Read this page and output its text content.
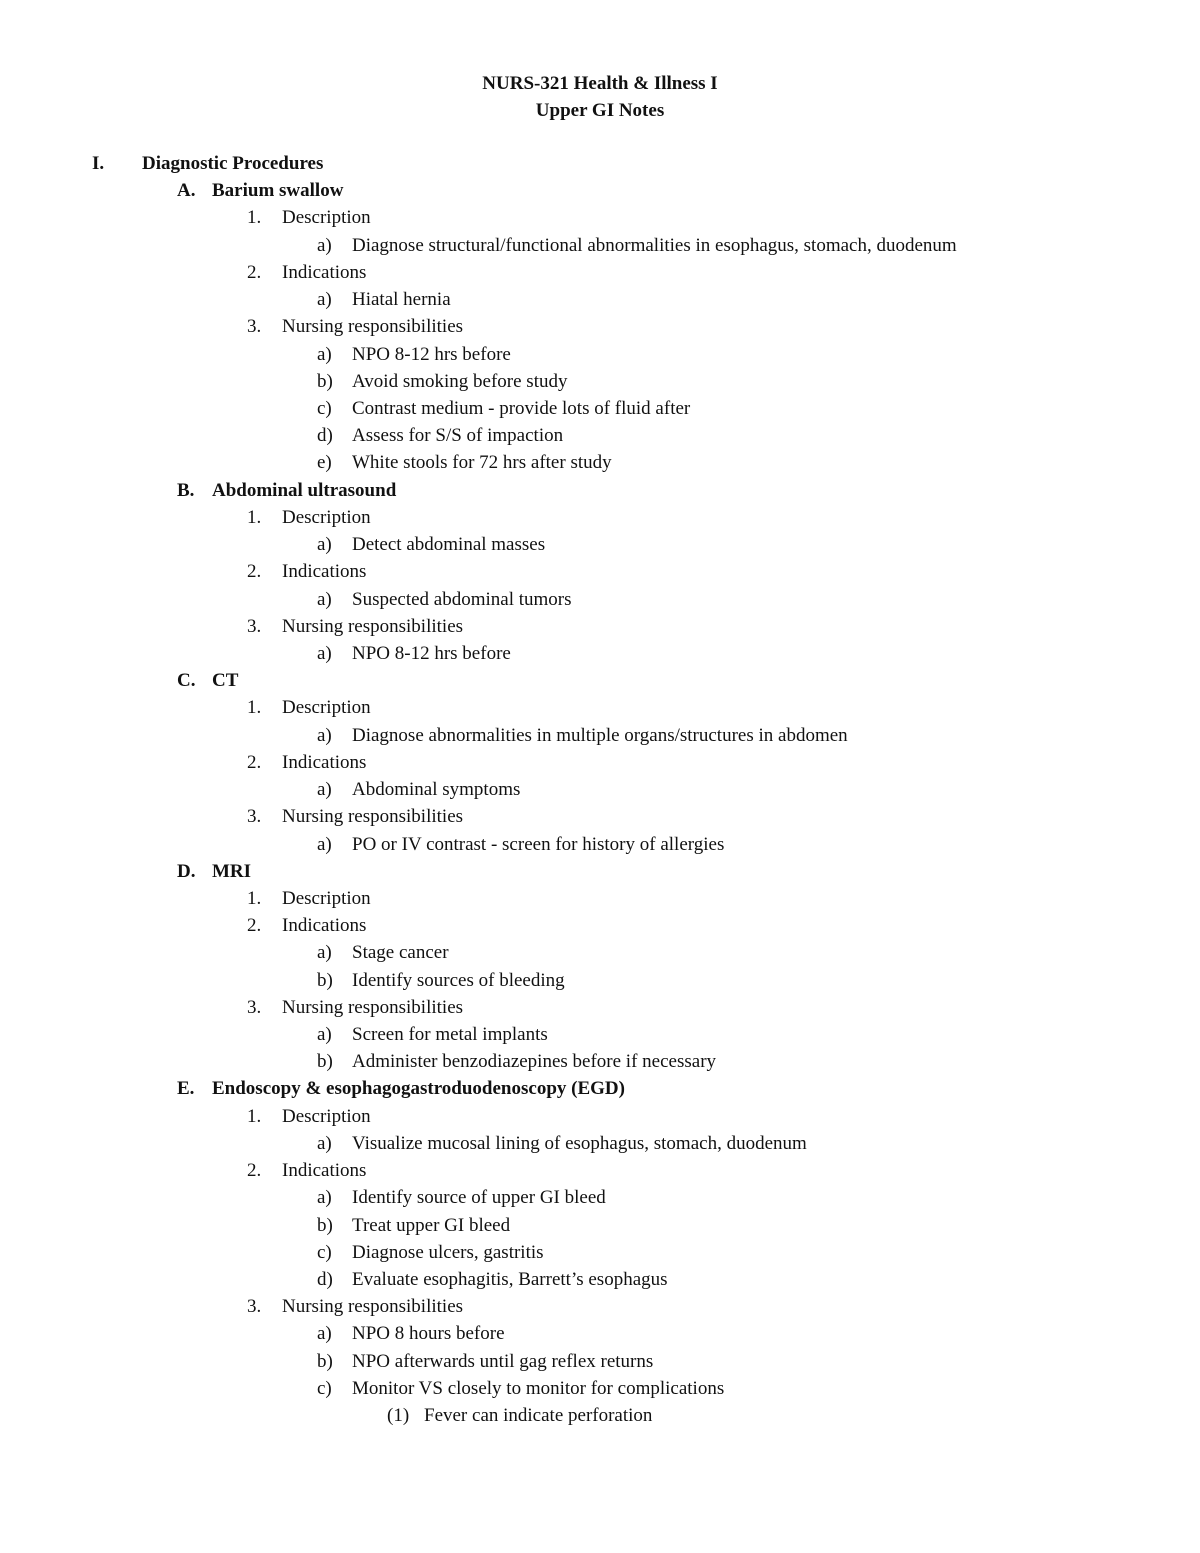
NURS-321 Health & Illness I
Upper GI Notes
I. Diagnostic Procedures
A. Barium swallow
1. Description
a) Diagnose structural/functional abnormalities in esophagus, stomach, duodenum
2. Indications
a) Hiatal hernia
3. Nursing responsibilities
a) NPO 8-12 hrs before
b) Avoid smoking before study
c) Contrast medium - provide lots of fluid after
d) Assess for S/S of impaction
e) White stools for 72 hrs after study
B. Abdominal ultrasound
1. Description
a) Detect abdominal masses
2. Indications
a) Suspected abdominal tumors
3. Nursing responsibilities
a) NPO 8-12 hrs before
C. CT
1. Description
a) Diagnose abnormalities in multiple organs/structures in abdomen
2. Indications
a) Abdominal symptoms
3. Nursing responsibilities
a) PO or IV contrast - screen for history of allergies
D. MRI
1. Description
2. Indications
a) Stage cancer
b) Identify sources of bleeding
3. Nursing responsibilities
a) Screen for metal implants
b) Administer benzodiazepines before if necessary
E. Endoscopy & esophagogastroduodenoscopy (EGD)
1. Description
a) Visualize mucosal lining of esophagus, stomach, duodenum
2. Indications
a) Identify source of upper GI bleed
b) Treat upper GI bleed
c) Diagnose ulcers, gastritis
d) Evaluate esophagitis, Barrett’s esophagus
3. Nursing responsibilities
a) NPO 8 hours before
b) NPO afterwards until gag reflex returns
c) Monitor VS closely to monitor for complications
(1) Fever can indicate perforation
